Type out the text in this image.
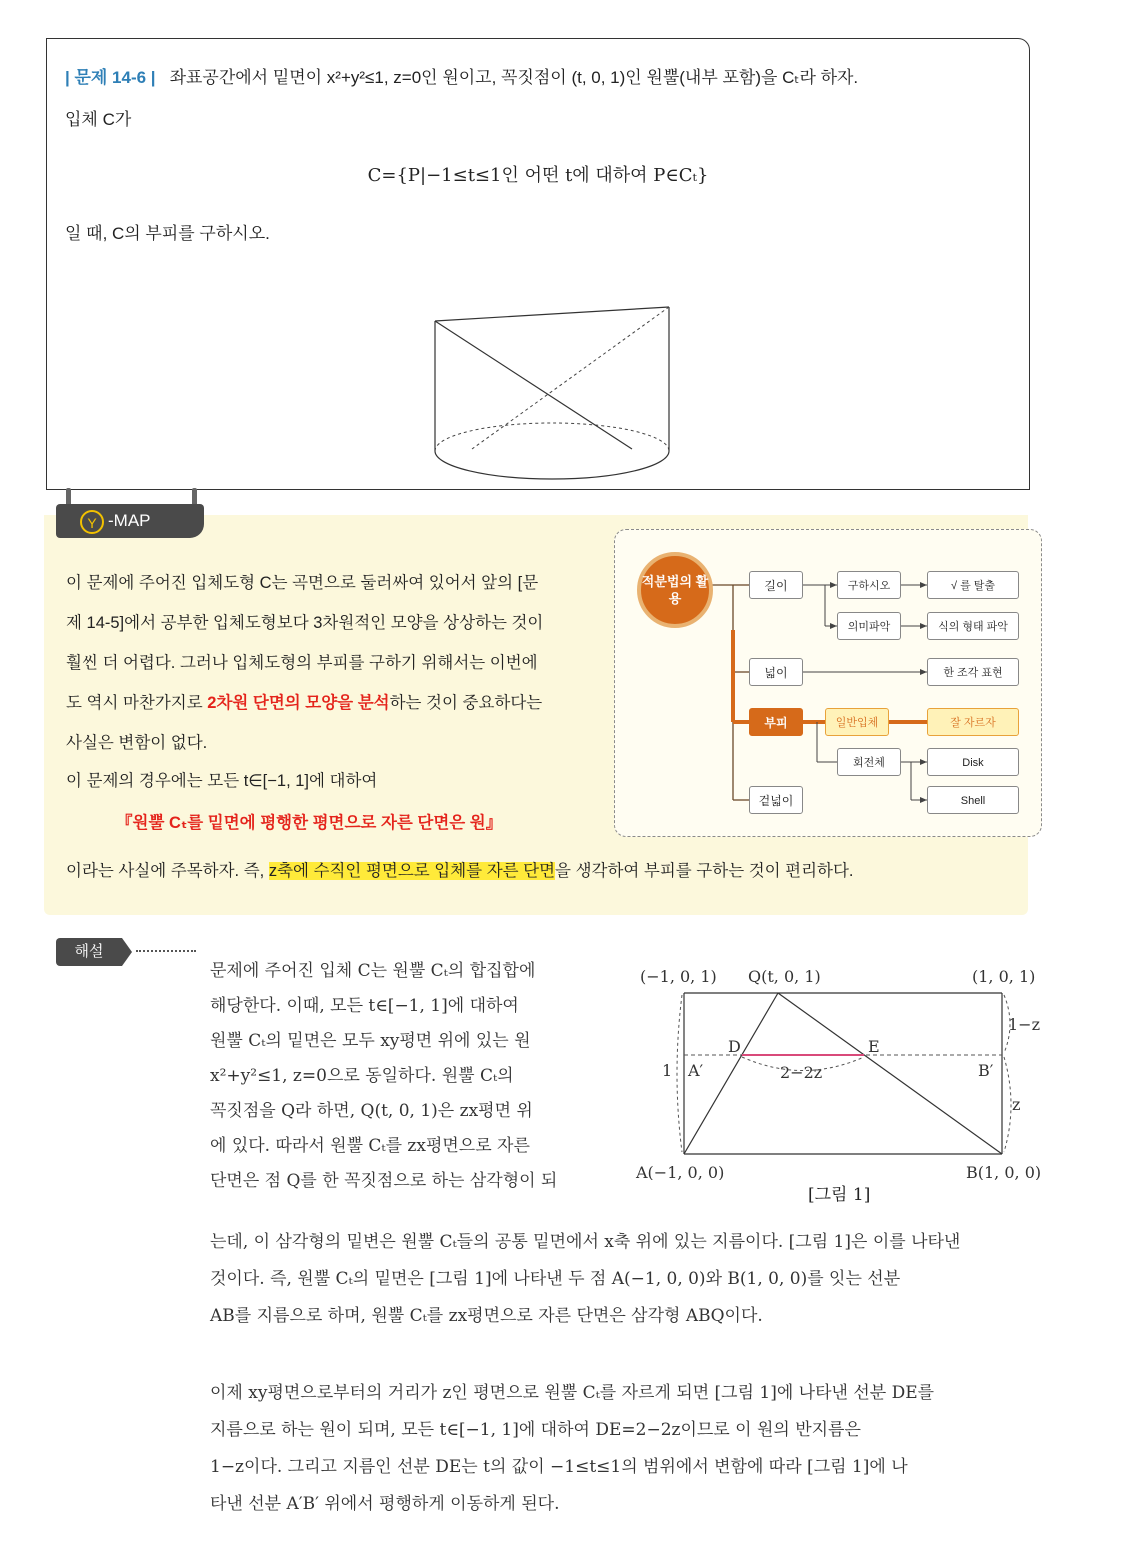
| 문제 14-6 | 좌표공간에서 밑면이 x²+y²≤1, z=0인 원이고, 꼭짓점이 (t, 0, 1)인 원뿔(내부 포함)을 Cₜ라 하자.
입체 C가
C={P|−1≤t≤1인 어떤 t에 대하여 P∈Cₜ}
일 때, C의 부피를 구하시오.
이 문제에 주어진 입체도형 C는 곡면으로 둘러싸여 있어서 앞의 [문
제 14-5]에서 공부한 입체도형보다 3차원적인 모양을 상상하는 것이
훨씬 더 어렵다. 그러나 입체도형의 부피를 구하기 위해서는 이번에
도 역시 마찬가지로 2차원 단면의 모양을 분석하는 것이 중요하다는
사실은 변함이 없다.
이 문제의 경우에는 모든 t∈[−1, 1]에 대하여
『원뿔 Cₜ를 밑면에 평행한 평면으로 자른 단면은 원』
이라는 사실에 주목하자. 즉, z축에 수직인 평면으로 입체를 자른 단면을 생각하여 부피를 구하는 것이 편리하다.
적분법의 활용
길이
넓이
부피
겉넓이
구하시오
의미파악
일반입체
회전체
√ 를 탈출
식의 형태 파악
한 조각 표현
잘 자르자
Disk
Shell
Y -MAP
해설
문제에 주어진 입체 C는 원뿔 Cₜ의 합집합에
해당한다. 이때, 모든 t∈[−1, 1]에 대하여
원뿔 Cₜ의 밑면은 모두 xy평면 위에 있는 원
x²+y²≤1, z=0으로 동일하다. 원뿔 Cₜ의
꼭짓점을 Q라 하면, Q(t, 0, 1)은 zx평면 위
에 있다. 따라서 원뿔 Cₜ를 zx평면으로 자른
단면은 점 Q를 한 꼭짓점으로 하는 삼각형이 되
는데, 이 삼각형의 밑변은 원뿔 Cₜ들의 공통 밑면에서 x축 위에 있는 지름이다. [그림 1]은 이를 나타낸
것이다. 즉, 원뿔 Cₜ의 밑면은 [그림 1]에 나타낸 두 점 A(−1, 0, 0)와 B(1, 0, 0)를 잇는 선분
AB를 지름으로 하며, 원뿔 Cₜ를 zx평면으로 자른 단면은 삼각형 ABQ이다.
이제 xy평면으로부터의 거리가 z인 평면으로 원뿔 Cₜ를 자르게 되면 [그림 1]에 나타낸 선분 DE를
지름으로 하는 원이 되며, 모든 t∈[−1, 1]에 대하여 DE=2−2z이므로 이 원의 반지름은
1−z이다. 그리고 지름인 선분 DE는 t의 값이 −1≤t≤1의 범위에서 변함에 따라 [그림 1]에 나
타낸 선분 A′B′ 위에서 평행하게 이동하게 된다.
(−1, 0, 1) Q(t, 0, 1)	(1, 0, 1)
D	E
A′	B′
1	2−2z
1−z
z
A(−1, 0, 0)	B(1, 0, 0)
[그림 1]
